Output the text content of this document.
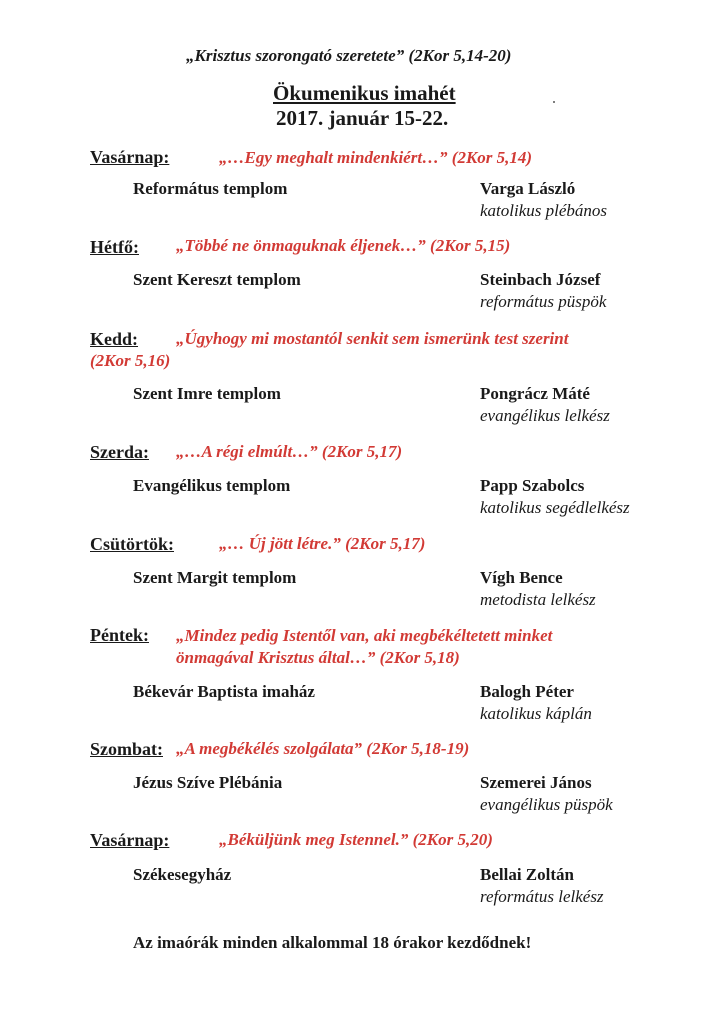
„Krisztus szorongató szeretete” (2Kor 5,14-20)
Ökumenikus imahét
2017. január 15-22.
Vasárnap:	„…Egy meghalt mindenkiért…” (2Kor 5,14)
Református templom	Varga László
katolikus plébános
Hétfő: „Többé ne önmaguknak éljenek…” (2Kor 5,15)
Szent Kereszt templom	Steinbach József
református püspök
Kedd: „Úgyhogy mi mostantól senkit sem ismerünk test szerint
(2Kor 5,16)
Szent Imre templom	Pongrácz Máté
evangélikus lelkész
Szerda: „…A régi elmúlt…” (2Kor 5,17)
Evangélikus templom	Papp Szabolcs
katolikus segédlelkész
Csütörtök:	„… Új jött létre.” (2Kor 5,17)
Szent Margit templom	Vígh Bence
metodista lelkész
Péntek: „Mindez pedig Istentől van, aki megbékéltetett minket
önmagával Krisztus által…” (2Kor 5,18)
Békevár Baptista imaház	Balogh Péter
katolikus káplán
Szombat: „A megbékélés szolgálata” (2Kor 5,18-19)
Jézus Szíve Plébánia	Szemerei János
evangélikus püspök
Vasárnap:	„Béküljünk meg Istennel.” (2Kor 5,20)
Székesegyház	Bellai Zoltán
református lelkész
Az imaórák minden alkalommal 18 órakor kezdődnek!
